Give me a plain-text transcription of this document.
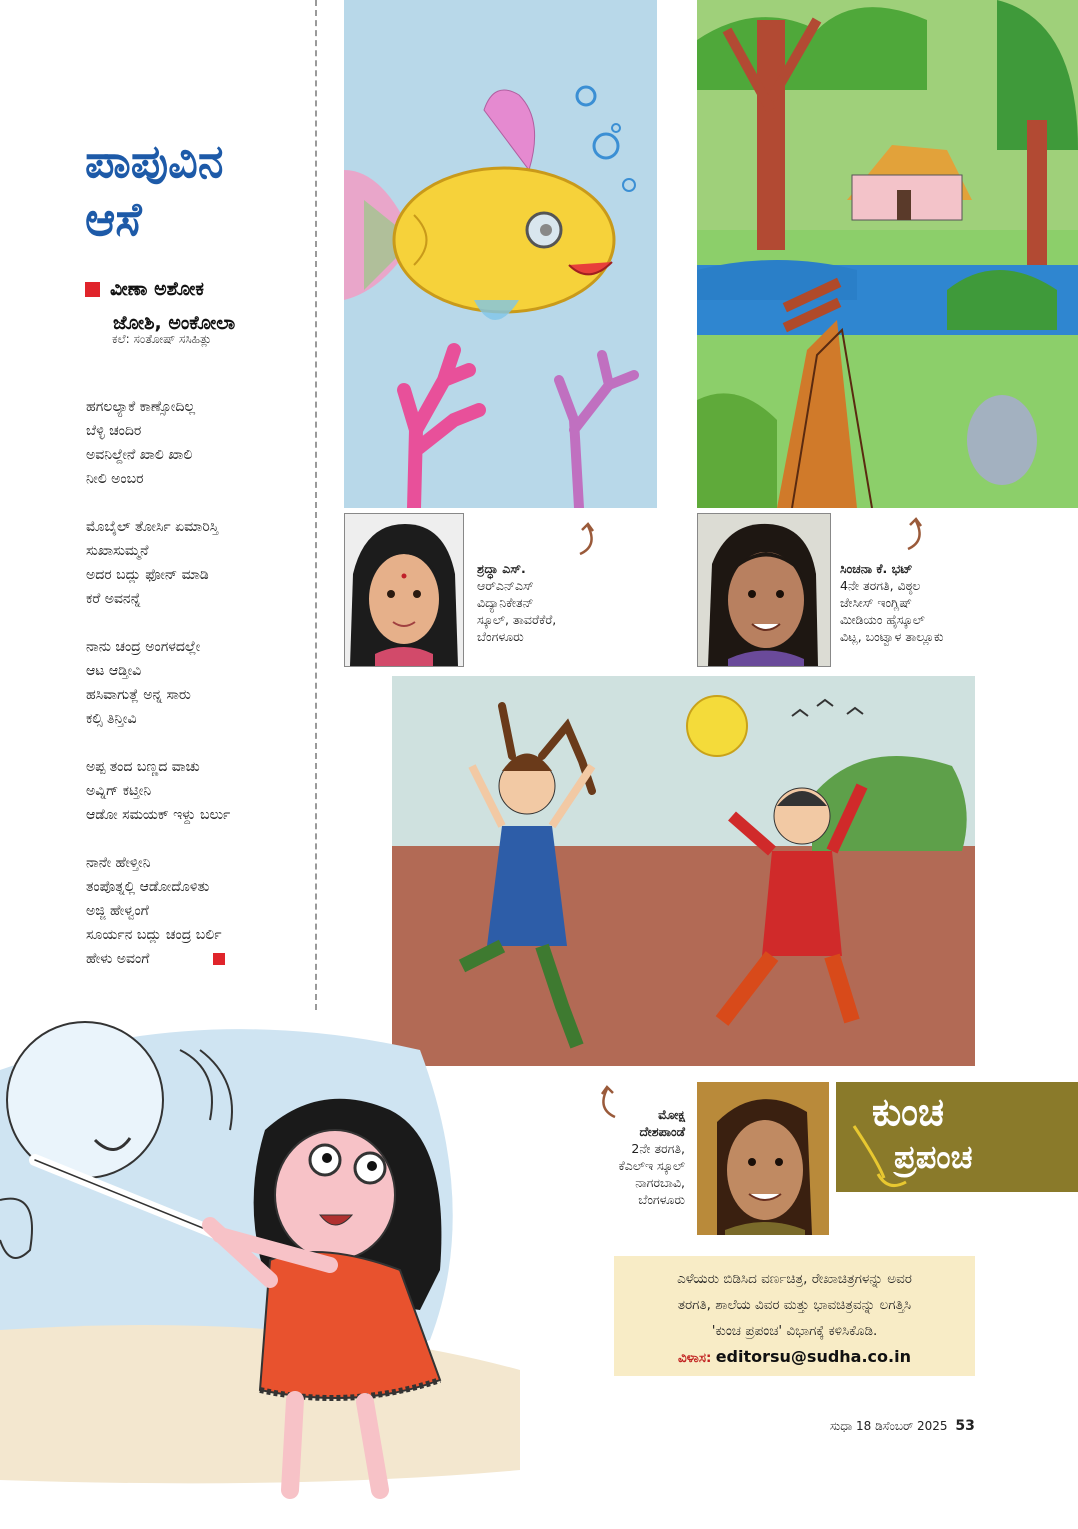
ಪಾಪುವಿನ
ಆಸೆ
ವೀಣಾ ಅಶೋಕ
ಜೋಶಿ, ಅಂಕೋಲಾ
ಕಲೆ: ಸಂತೋಷ್ ಸಸಿಹಿತ್ಲು
ಹಗಲಲ್ಯಾಕೆ ಕಾಣ್ಸೋದಿಲ್ಲ
ಬೆಳ್ಳಿ ಚಂದಿರ
ಅವನಿಲ್ದೇನೆ ಖಾಲಿ ಖಾಲಿ
ನೀಲಿ ಅಂಬರ
ಮೊಬೈಲ್ ತೋರ್ಸಿ ಏಮಾರಿಸ್ತಿ
ಸುಖಾಸುಮ್ಮನೆ
ಅದರ ಬದ್ಲು ಫೋನ್ ಮಾಡಿ
ಕರೆ ಅವನನ್ನೆ
ನಾನು ಚಂದ್ರ ಅಂಗಳದಲ್ಲೇ
ಆಟ ಆಡ್ತೀವಿ
ಹಸಿವಾಗುತ್ಲೆ ಅನ್ನ ಸಾರು
ಕಲ್ಸಿ ತಿನ್ತೀವಿ
ಅಪ್ಪ ತಂದ ಬಣ್ಣದ ವಾಚು
ಅವ್ನಿಗ್ ಕಟ್ತೀನಿ
ಆಡೋ ಸಮಯಕ್ ಇಳ್ದು ಬರ್ಲು
ನಾನೇ ಹೇಳ್ತೀನಿ
ತಂಪೊತ್ನಲ್ಲಿ ಆಡೋದೊಳಿತು
ಅಜ್ಜಿ ಹೇಳ್ವಂಗೆ
ಸೂರ್ಯನ ಬದ್ಲು ಚಂದ್ರ ಬರ್ಲಿ
ಹೇಳು ಅವಂಗೆ
ಶ್ರದ್ಧಾ ಎಸ್.
ಆರ್‌ಎನ್‌ಎಸ್
ವಿದ್ಯಾನಿಕೇತನ್
ಸ್ಕೂಲ್, ತಾವರೆಕೆರೆ,
ಬೆಂಗಳೂರು
ಸಿಂಚನಾ ಕೆ. ಭಟ್
4ನೇ ತರಗತಿ, ವಿಠ್ಠಲ
ಜೇಸೀಸ್ ಇಂಗ್ಲಿಷ್
ಮೀಡಿಯಂ ಹೈಸ್ಕೂಲ್
ವಿಟ್ಲ, ಬಂಟ್ವಾಳ ತಾಲ್ಲೂಕು
ಮೋಕ್ಷ
ದೇಶಪಾಂಡೆ
2ನೇ ತರಗತಿ,
ಕೆಎಲ್‌ಇ ಸ್ಕೂಲ್
ನಾಗರಬಾವಿ,
ಬೆಂಗಳೂರು
ಕುಂಚ
ಪ್ರಪಂಚ
ಎಳೆಯರು ಬಿಡಿಸಿದ ವರ್ಣಚಿತ್ರ, ರೇಖಾಚಿತ್ರಗಳನ್ನು ಅವರ
ತರಗತಿ, ಶಾಲೆಯ ವಿವರ ಮತ್ತು ಭಾವಚಿತ್ರವನ್ನು ಲಗತ್ತಿಸಿ
'ಕುಂಚ ಪ್ರಪಂಚ' ವಿಭಾಗಕ್ಕೆ ಕಳಿಸಿಕೊಡಿ.
ವಿಳಾಸ: editorsu@sudha.co.in
ಸುಧಾ 18 ಡಿಸೆಂಬರ್ 2025 53
